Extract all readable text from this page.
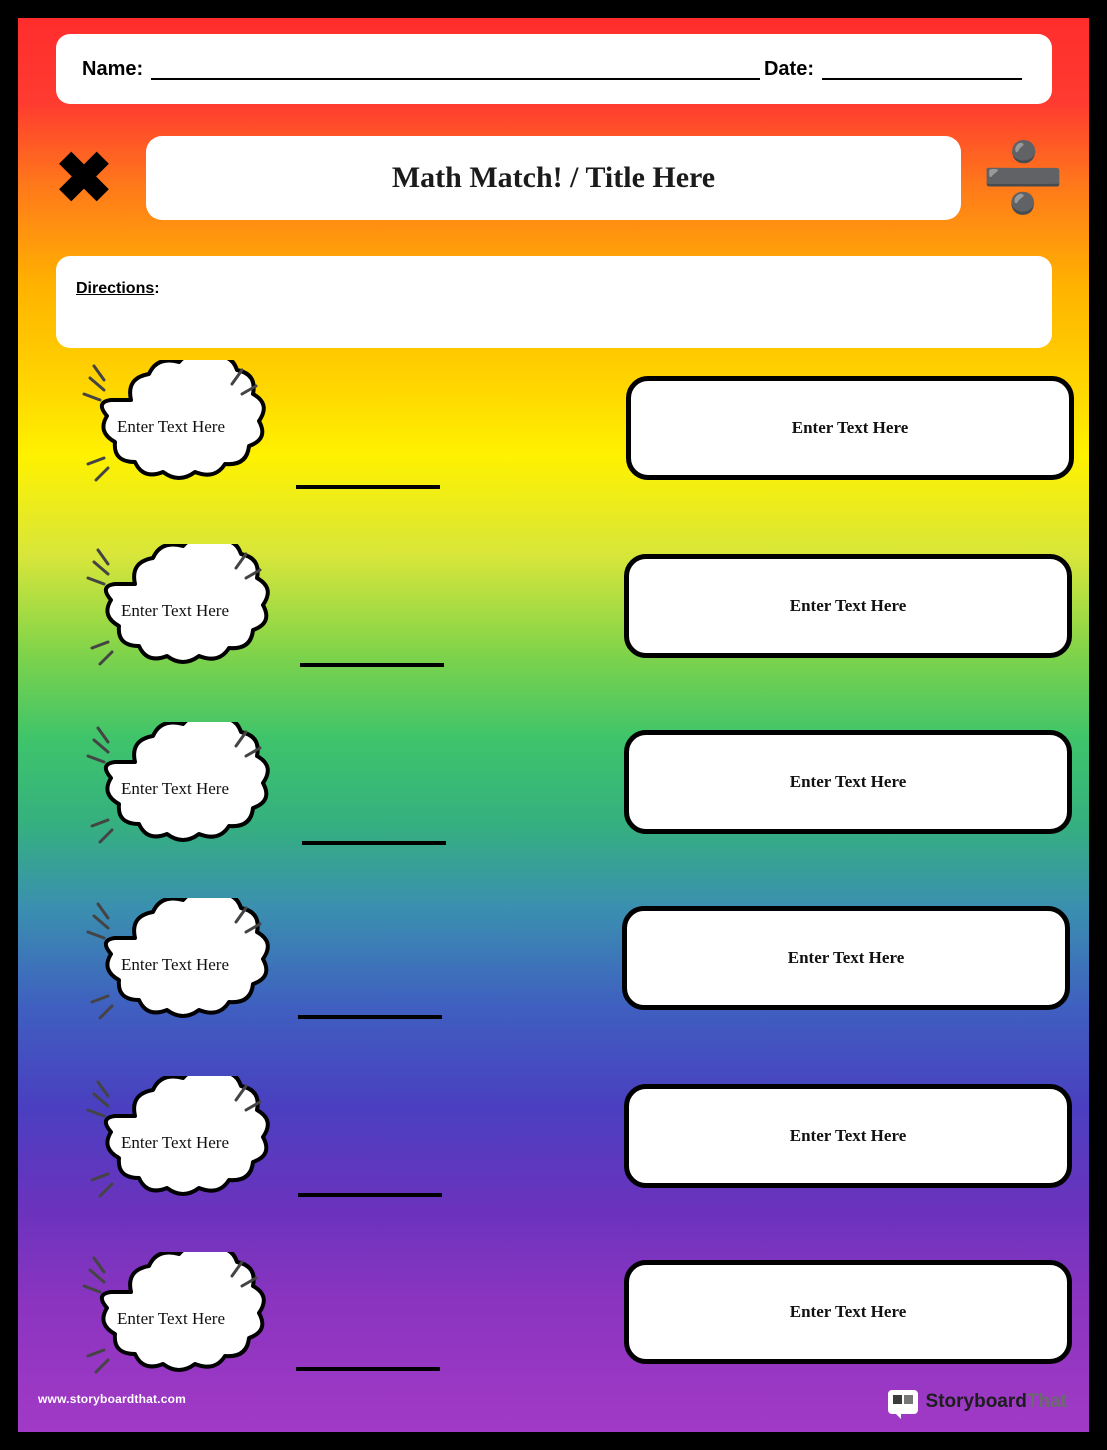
Name:	Date:
✖	Math Match! / Title Here	➗
Directions:
Enter Text Here	Enter Text Here
Enter Text Here	Enter Text Here
Enter Text Here	Enter Text Here
Enter Text Here	Enter Text Here
Enter Text Here	Enter Text Here
Enter Text Here	Enter Text Here
www.storyboardthat.com	StoryboardThat
